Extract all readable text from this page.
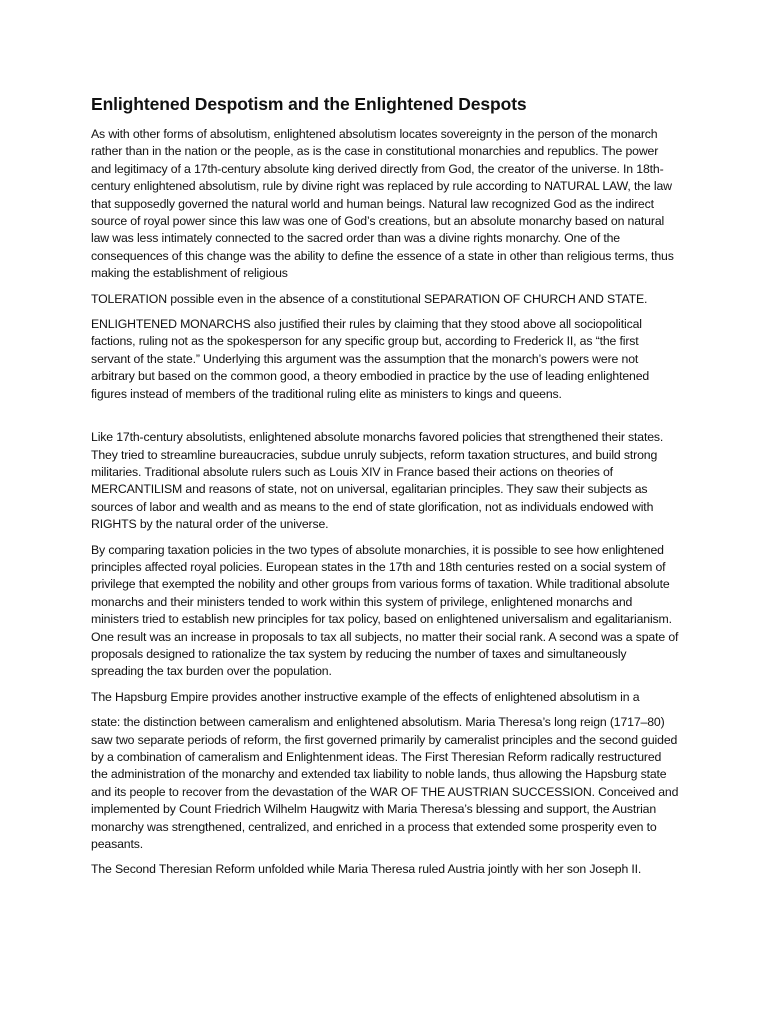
Enlightened Despotism and the Enlightened Despots

As with other forms of absolutism, enlightened absolutism locates sovereignty in the person of the monarch rather than in the nation or the people, as is the case in constitutional monarchies and republics. The power and legitimacy of a 17th-century absolute king derived directly from God, the creator of the universe. In 18th-century enlightened absolutism, rule by divine right was replaced by rule according to NATURAL LAW, the law that supposedly governed the natural world and human beings. Natural law recognized God as the indirect source of royal power since this law was one of God’s creations, but an absolute monarchy based on natural law was less intimately connected to the sacred order than was a divine rights monarchy. One of the consequences of this change was the ability to define the essence of a state in other than religious terms, thus making the establishment of religious

TOLERATION possible even in the absence of a constitutional SEPARATION OF CHURCH AND STATE.

ENLIGHTENED MONARCHS also justified their rules by claiming that they stood above all sociopolitical factions, ruling not as the spokesperson for any specific group but, according to Frederick II, as “the first servant of the state.” Underlying this argument was the assumption that the monarch’s powers were not arbitrary but based on the common good, a theory embodied in practice by the use of leading enlightened figures instead of members of the traditional ruling elite as ministers to kings and queens.

Like 17th-century absolutists, enlightened absolute monarchs favored policies that strengthened their states. They tried to streamline bureaucracies, subdue unruly subjects, reform taxation structures, and build strong militaries. Traditional absolute rulers such as Louis XIV in France based their actions on theories of MERCANTILISM and reasons of state, not on universal, egalitarian principles. They saw their subjects as sources of labor and wealth and as means to the end of state glorification, not as individuals endowed with RIGHTS by the natural order of the universe.

By comparing taxation policies in the two types of absolute monarchies, it is possible to see how enlightened principles affected royal policies. European states in the 17th and 18th centuries rested on a social system of privilege that exempted the nobility and other groups from various forms of taxation. While traditional absolute monarchs and their ministers tended to work within this system of privilege, enlightened monarchs and ministers tried to establish new principles for tax policy, based on enlightened universalism and egalitarianism. One result was an increase in proposals to tax all subjects, no matter their social rank. A second was a spate of proposals designed to rationalize the tax system by reducing the number of taxes and simultaneously spreading the tax burden over the population.

The Hapsburg Empire provides another instructive example of the effects of enlightened absolutism in a

state: the distinction between cameralism and enlightened absolutism. Maria Theresa’s long reign (1717–80) saw two separate periods of reform, the first governed primarily by cameralist principles and the second guided by a combination of cameralism and Enlightenment ideas. The First Theresian Reform radically restructured the administration of the monarchy and extended tax liability to noble lands, thus allowing the Hapsburg state and its people to recover from the devastation of the WAR OF THE AUSTRIAN SUCCESSION. Conceived and implemented by Count Friedrich Wilhelm Haugwitz with Maria Theresa’s blessing and support, the Austrian monarchy was strengthened, centralized, and enriched in a process that extended some prosperity even to peasants.

The Second Theresian Reform unfolded while Maria Theresa ruled Austria jointly with her son Joseph II.
